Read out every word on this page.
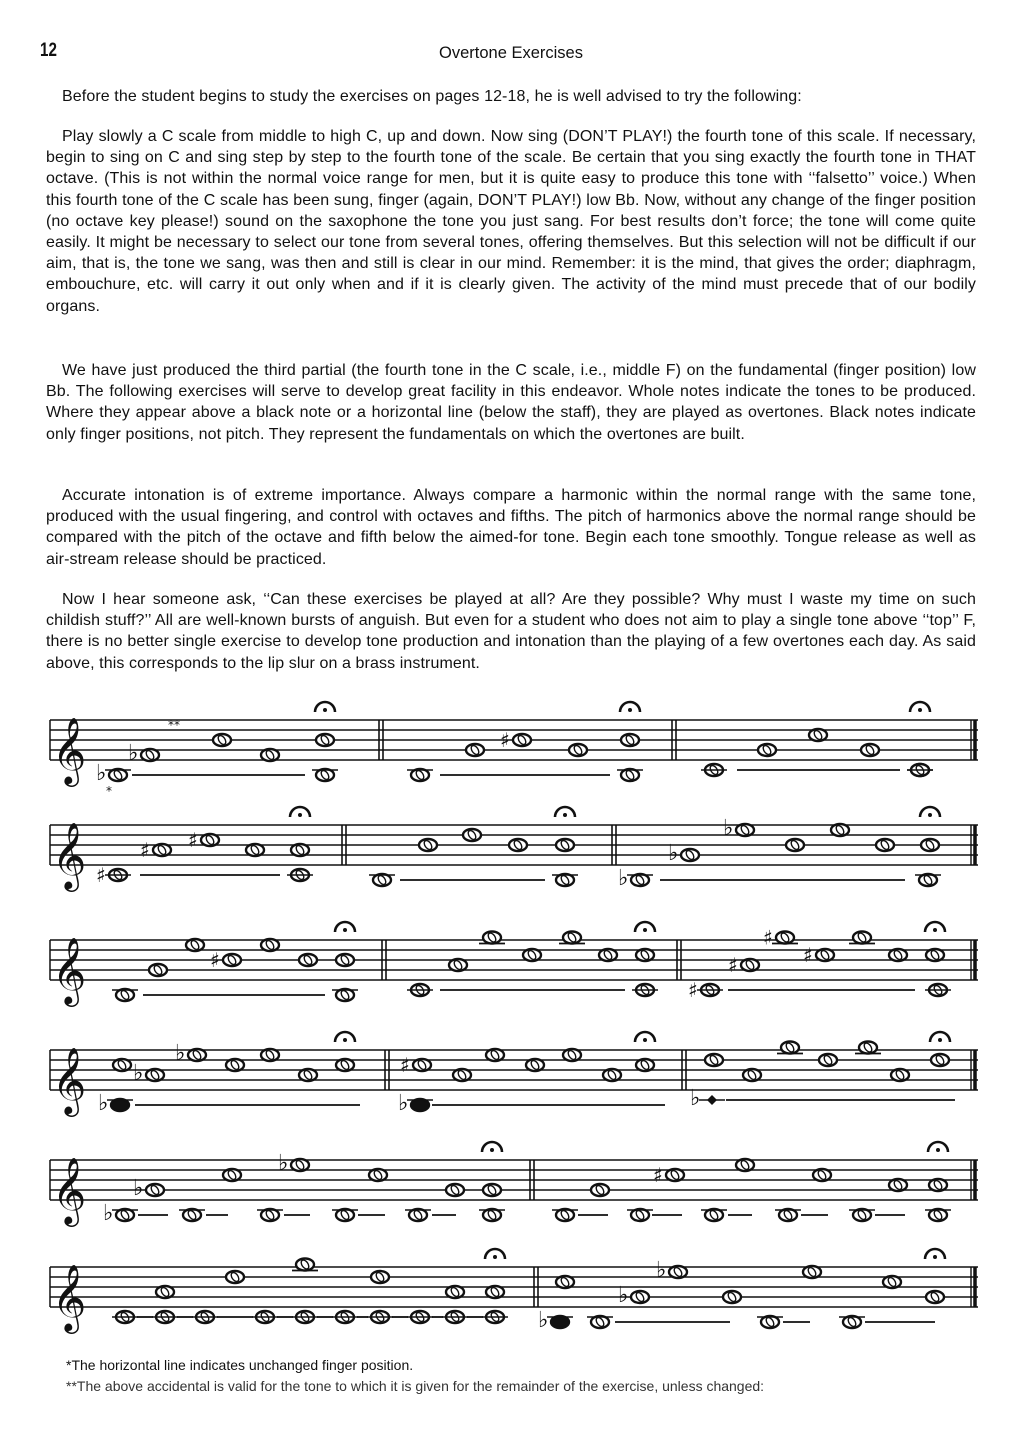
12	Overtone Exercises
Before the student begins to study the exercises on pages 12-18, he is well advised to try the following:
Play slowly a C scale from middle to high C, up and down. Now sing (DON’T PLAY!) the fourth tone of this scale. If necessary, begin to sing on C and sing step by step to the fourth tone of the scale. Be certain that you sing exactly the fourth tone in THAT octave. (This is not within the normal voice range for men, but it is quite easy to produce this tone with ‘‘falsetto’’ voice.) When this fourth tone of the C scale has been sung, finger (again, DON’T PLAY!) low Bb. Now, without any change of the finger position (no octave key please!) sound on the saxophone the tone you just sang. For best results don’t force; the tone will come quite easily. It might be necessary to select our tone from several tones, offering themselves. But this selection will not be difficult if our aim, that is, the tone we sang, was then and still is clear in our mind. Remember: it is the mind, that gives the order; diaphragm, embouchure, etc. will carry it out only when and if it is clearly given. The activity of the mind must precede that of our bodily organs.
We have just produced the third partial (the fourth tone in the C scale, i.e., middle F) on the fundamental (finger position) low Bb. The following exercises will serve to develop great facility in this endeavor. Whole notes indicate the tones to be produced. Where they appear above a black note or a horizontal line (below the staff), they are played as overtones. Black notes indicate only finger positions, not pitch. They represent the fundamentals on which the overtones are built.
Accurate intonation is of extreme importance. Always compare a harmonic within the normal range with the same tone, produced with the usual fingering, and control with octaves and fifths. The pitch of harmonics above the normal range should be compared with the pitch of the octave and fifth below the aimed-for tone. Begin each tone smoothly. Tongue release as well as air-stream release should be practiced.
Now I hear someone ask, ‘‘Can these exercises be played at all? Are they possible? Why must I waste my time on such childish stuff?’’ All are well-known bursts of anguish. But even for a student who does not aim to play a single tone above ‘‘top’’ F, there is no better single exercise to develop tone production and intonation than the playing of a few overtones each day. As said above, this corresponds to the lip slur on a brass instrument.
𝄞 ♭
♭
**
*
♯
𝄞	♯ ♯
♯
♭
♭
♭
𝄞	♯	♯
♯
♯
♯
𝄞 ♭
♭
♭
♯
♭	♭
𝄞 ♭
♭
♭
♯
𝄞	♭
♭
♭
*The horizontal line indicates unchanged finger position.
**The above accidental is valid for the tone to which it is given for the remainder of the exercise, unless changed:
